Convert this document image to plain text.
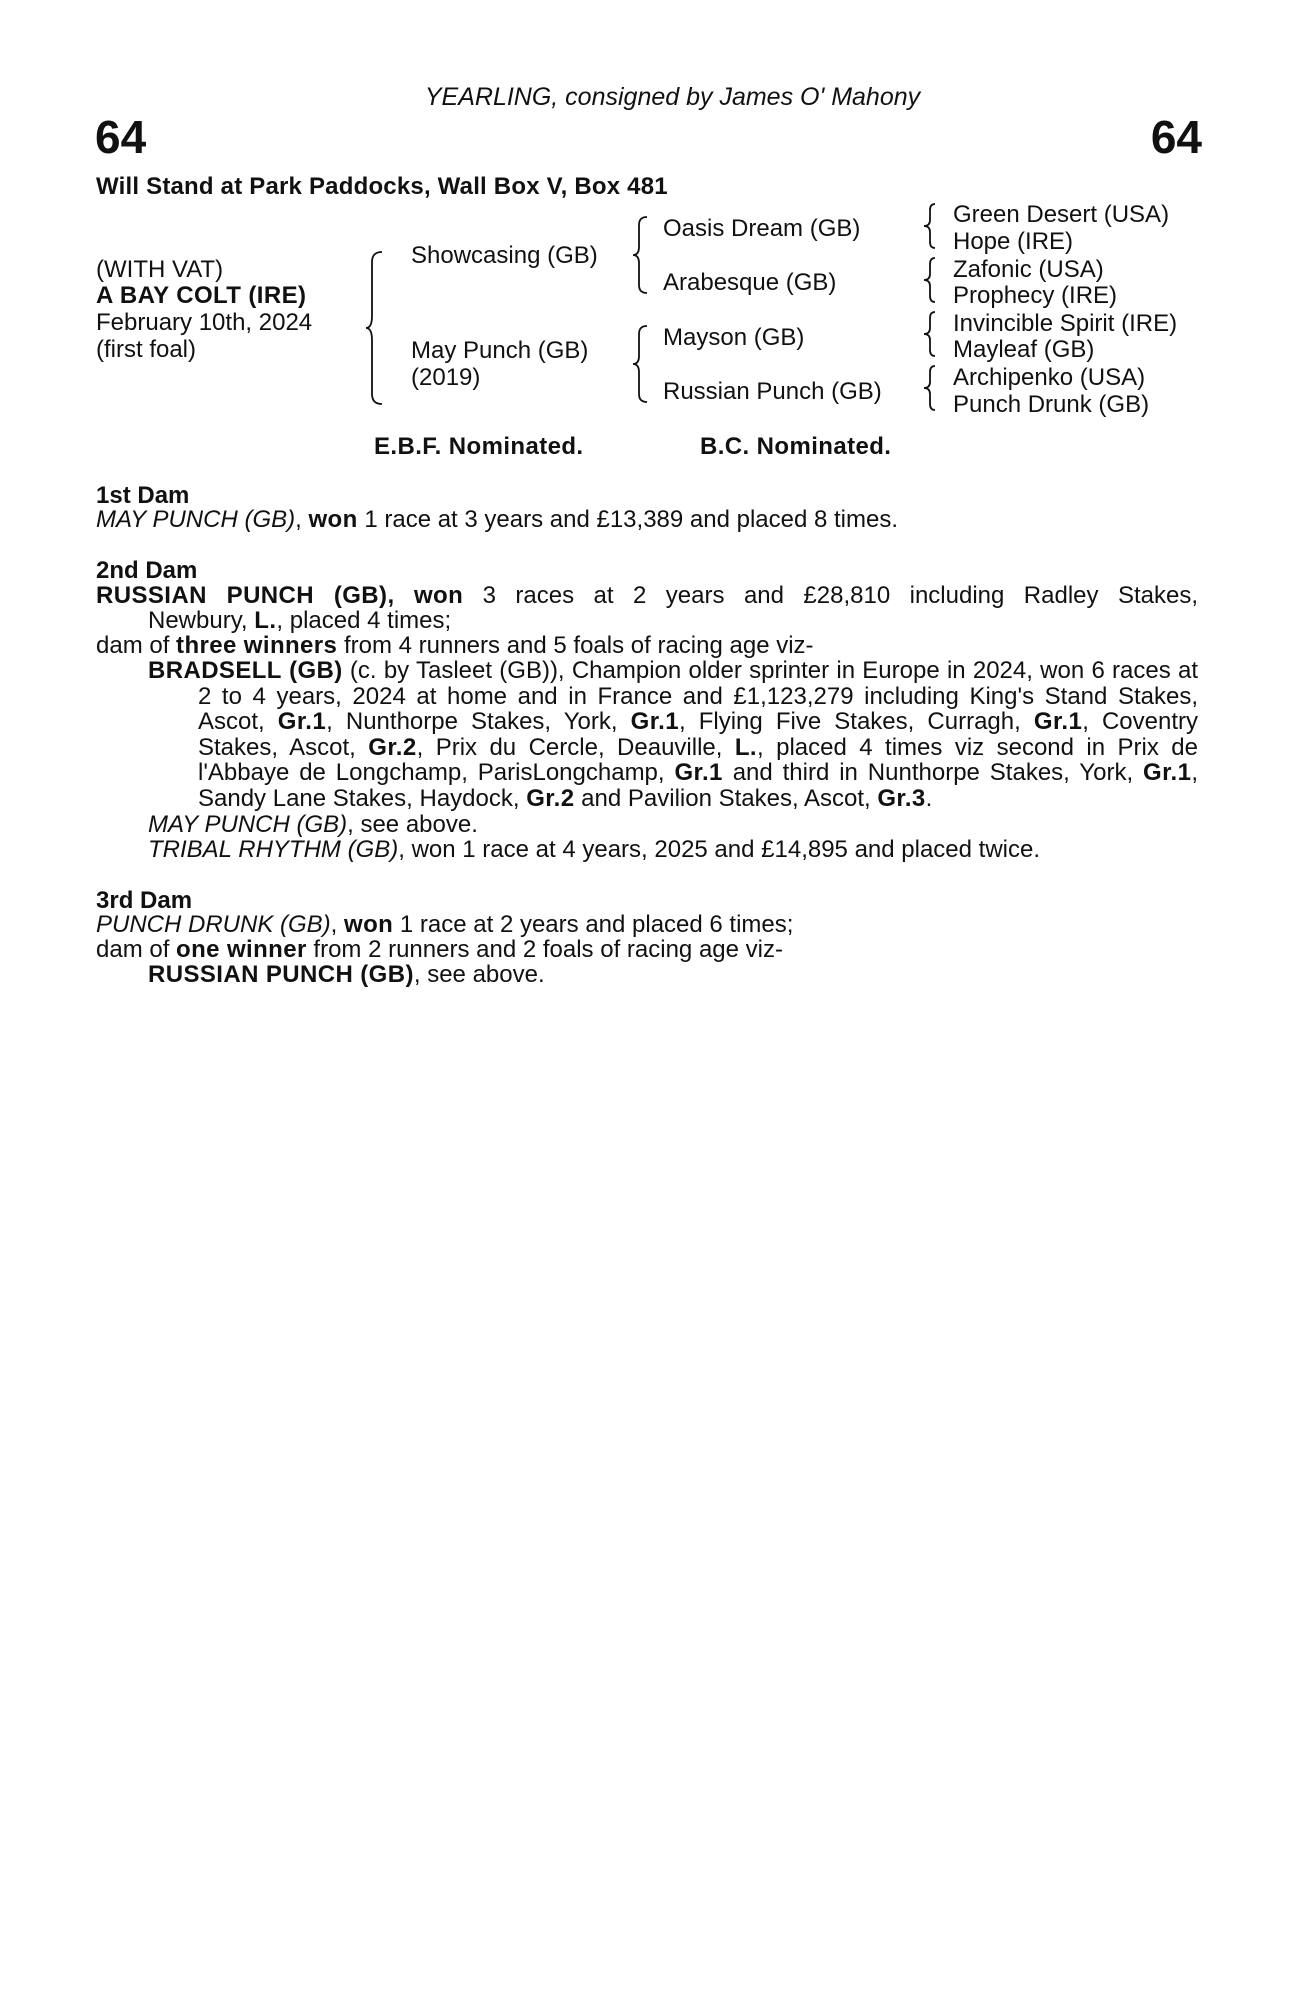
YEARLING, consigned by James O' Mahony
64	64
Will Stand at Park Paddocks, Wall Box V, Box 481
(WITH VAT)
A BAY COLT (IRE)
February 10th, 2024
(first foal)
Showcasing (GB)
May Punch (GB)
(2019)
Oasis Dream (GB)
Arabesque (GB)
Mayson (GB)
Russian Punch (GB)
Green Desert (USA)
Hope (IRE)
Zafonic (USA)
Prophecy (IRE)
Invincible Spirit (IRE)
Mayleaf (GB)
Archipenko (USA)
Punch Drunk (GB)
E.B.F. Nominated.	B.C. Nominated.
1st Dam
MAY PUNCH (GB), won 1 race at 3 years and £13,389 and placed 8 times.
2nd Dam
RUSSIAN PUNCH (GB), won 3 races at 2 years and £28,810 including Radley Stakes,
Newbury, L., placed 4 times;
dam of three winners from 4 runners and 5 foals of racing age viz-
BRADSELL (GB) (c. by Tasleet (GB)), Champion older sprinter in Europe in 2024, won 6 races at 2 to 4 years, 2024 at home and in France and £1,123,279 including King's Stand Stakes, Ascot, Gr.1, Nunthorpe Stakes, York, Gr.1, Flying Five Stakes, Curragh, Gr.1, Coventry Stakes, Ascot, Gr.2, Prix du Cercle, Deauville, L., placed 4 times viz second in Prix de l'Abbaye de Longchamp, ParisLongchamp, Gr.1 and third in Nunthorpe Stakes, York, Gr.1, Sandy Lane Stakes, Haydock, Gr.2 and Pavilion Stakes, Ascot, Gr.3.
MAY PUNCH (GB), see above.
TRIBAL RHYTHM (GB), won 1 race at 4 years, 2025 and £14,895 and placed twice.
3rd Dam
PUNCH DRUNK (GB), won 1 race at 2 years and placed 6 times;
dam of one winner from 2 runners and 2 foals of racing age viz-
RUSSIAN PUNCH (GB), see above.
